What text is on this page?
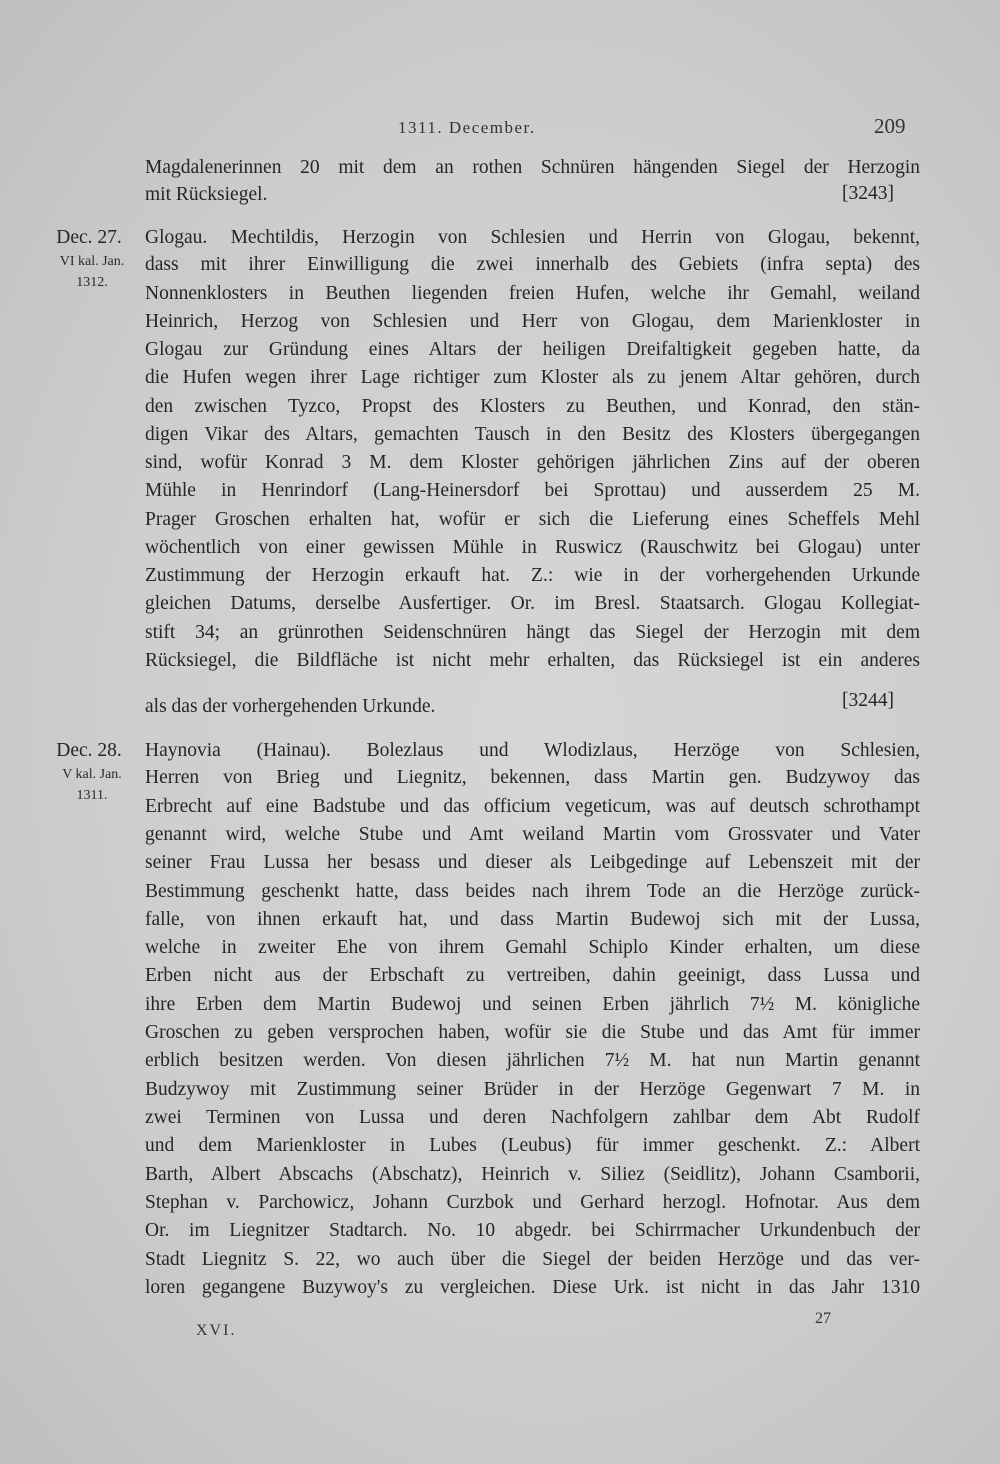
1311. December.	209
Dec. 27.
VI kal. Jan.
1312.
Dec. 28.
V kal. Jan.
1311.
[3243]
[3244]
Magdalenerinnen 20 mit dem an rothen Schnüren hängenden Siegel der Herzogin
mit Rücksiegel.
Glogau. Mechtildis, Herzogin von Schlesien und Herrin von Glogau, bekennt,
dass mit ihrer Einwilligung die zwei innerhalb des Gebiets (infra septa) des
Nonnenklosters in Beuthen liegenden freien Hufen, welche ihr Gemahl, weiland
Heinrich, Herzog von Schlesien und Herr von Glogau, dem Marienkloster in
Glogau zur Gründung eines Altars der heiligen Dreifaltigkeit gegeben hatte, da
die Hufen wegen ihrer Lage richtiger zum Kloster als zu jenem Altar gehören, durch
den zwischen Tyzco, Propst des Klosters zu Beuthen, und Konrad, den stän-
digen Vikar des Altars, gemachten Tausch in den Besitz des Klosters übergegangen
sind, wofür Konrad 3 M. dem Kloster gehörigen jährlichen Zins auf der oberen
Mühle in Henrindorf (Lang-Heinersdorf bei Sprottau) und ausserdem 25 M.
Prager Groschen erhalten hat, wofür er sich die Lieferung eines Scheffels Mehl
wöchentlich von einer gewissen Mühle in Ruswicz (Rauschwitz bei Glogau) unter
Zustimmung der Herzogin erkauft hat. Z.: wie in der vorhergehenden Urkunde
gleichen Datums, derselbe Ausfertiger. Or. im Bresl. Staatsarch. Glogau Kollegiat-
stift 34; an grünrothen Seidenschnüren hängt das Siegel der Herzogin mit dem
Rücksiegel, die Bildfläche ist nicht mehr erhalten, das Rücksiegel ist ein anderes
als das der vorhergehenden Urkunde.
Haynovia (Hainau). Bolezlaus und Wlodizlaus, Herzöge von Schlesien,
Herren von Brieg und Liegnitz, bekennen, dass Martin gen. Budzywoy das
Erbrecht auf eine Badstube und das officium vegeticum, was auf deutsch schrothampt
genannt wird, welche Stube und Amt weiland Martin vom Grossvater und Vater
seiner Frau Lussa her besass und dieser als Leibgedinge auf Lebenszeit mit der
Bestimmung geschenkt hatte, dass beides nach ihrem Tode an die Herzöge zurück-
falle, von ihnen erkauft hat, und dass Martin Budewoj sich mit der Lussa,
welche in zweiter Ehe von ihrem Gemahl Schiplo Kinder erhalten, um diese
Erben nicht aus der Erbschaft zu vertreiben, dahin geeinigt, dass Lussa und
ihre Erben dem Martin Budewoj und seinen Erben jährlich 7½ M. königliche
Groschen zu geben versprochen haben, wofür sie die Stube und das Amt für immer
erblich besitzen werden. Von diesen jährlichen 7½ M. hat nun Martin genannt
Budzywoy mit Zustimmung seiner Brüder in der Herzöge Gegenwart 7 M. in
zwei Terminen von Lussa und deren Nachfolgern zahlbar dem Abt Rudolf
und dem Marienkloster in Lubes (Leubus) für immer geschenkt. Z.: Albert
Barth, Albert Abscachs (Abschatz), Heinrich v. Siliez (Seidlitz), Johann Csamborii,
Stephan v. Parchowicz, Johann Curzbok und Gerhard herzogl. Hofnotar. Aus dem
Or. im Liegnitzer Stadtarch. No. 10 abgedr. bei Schirrmacher Urkundenbuch der
Stadt Liegnitz S. 22, wo auch über die Siegel der beiden Herzöge und das ver-
loren gegangene Buzywoy's zu vergleichen. Diese Urk. ist nicht in das Jahr 1310
XVI.
27
